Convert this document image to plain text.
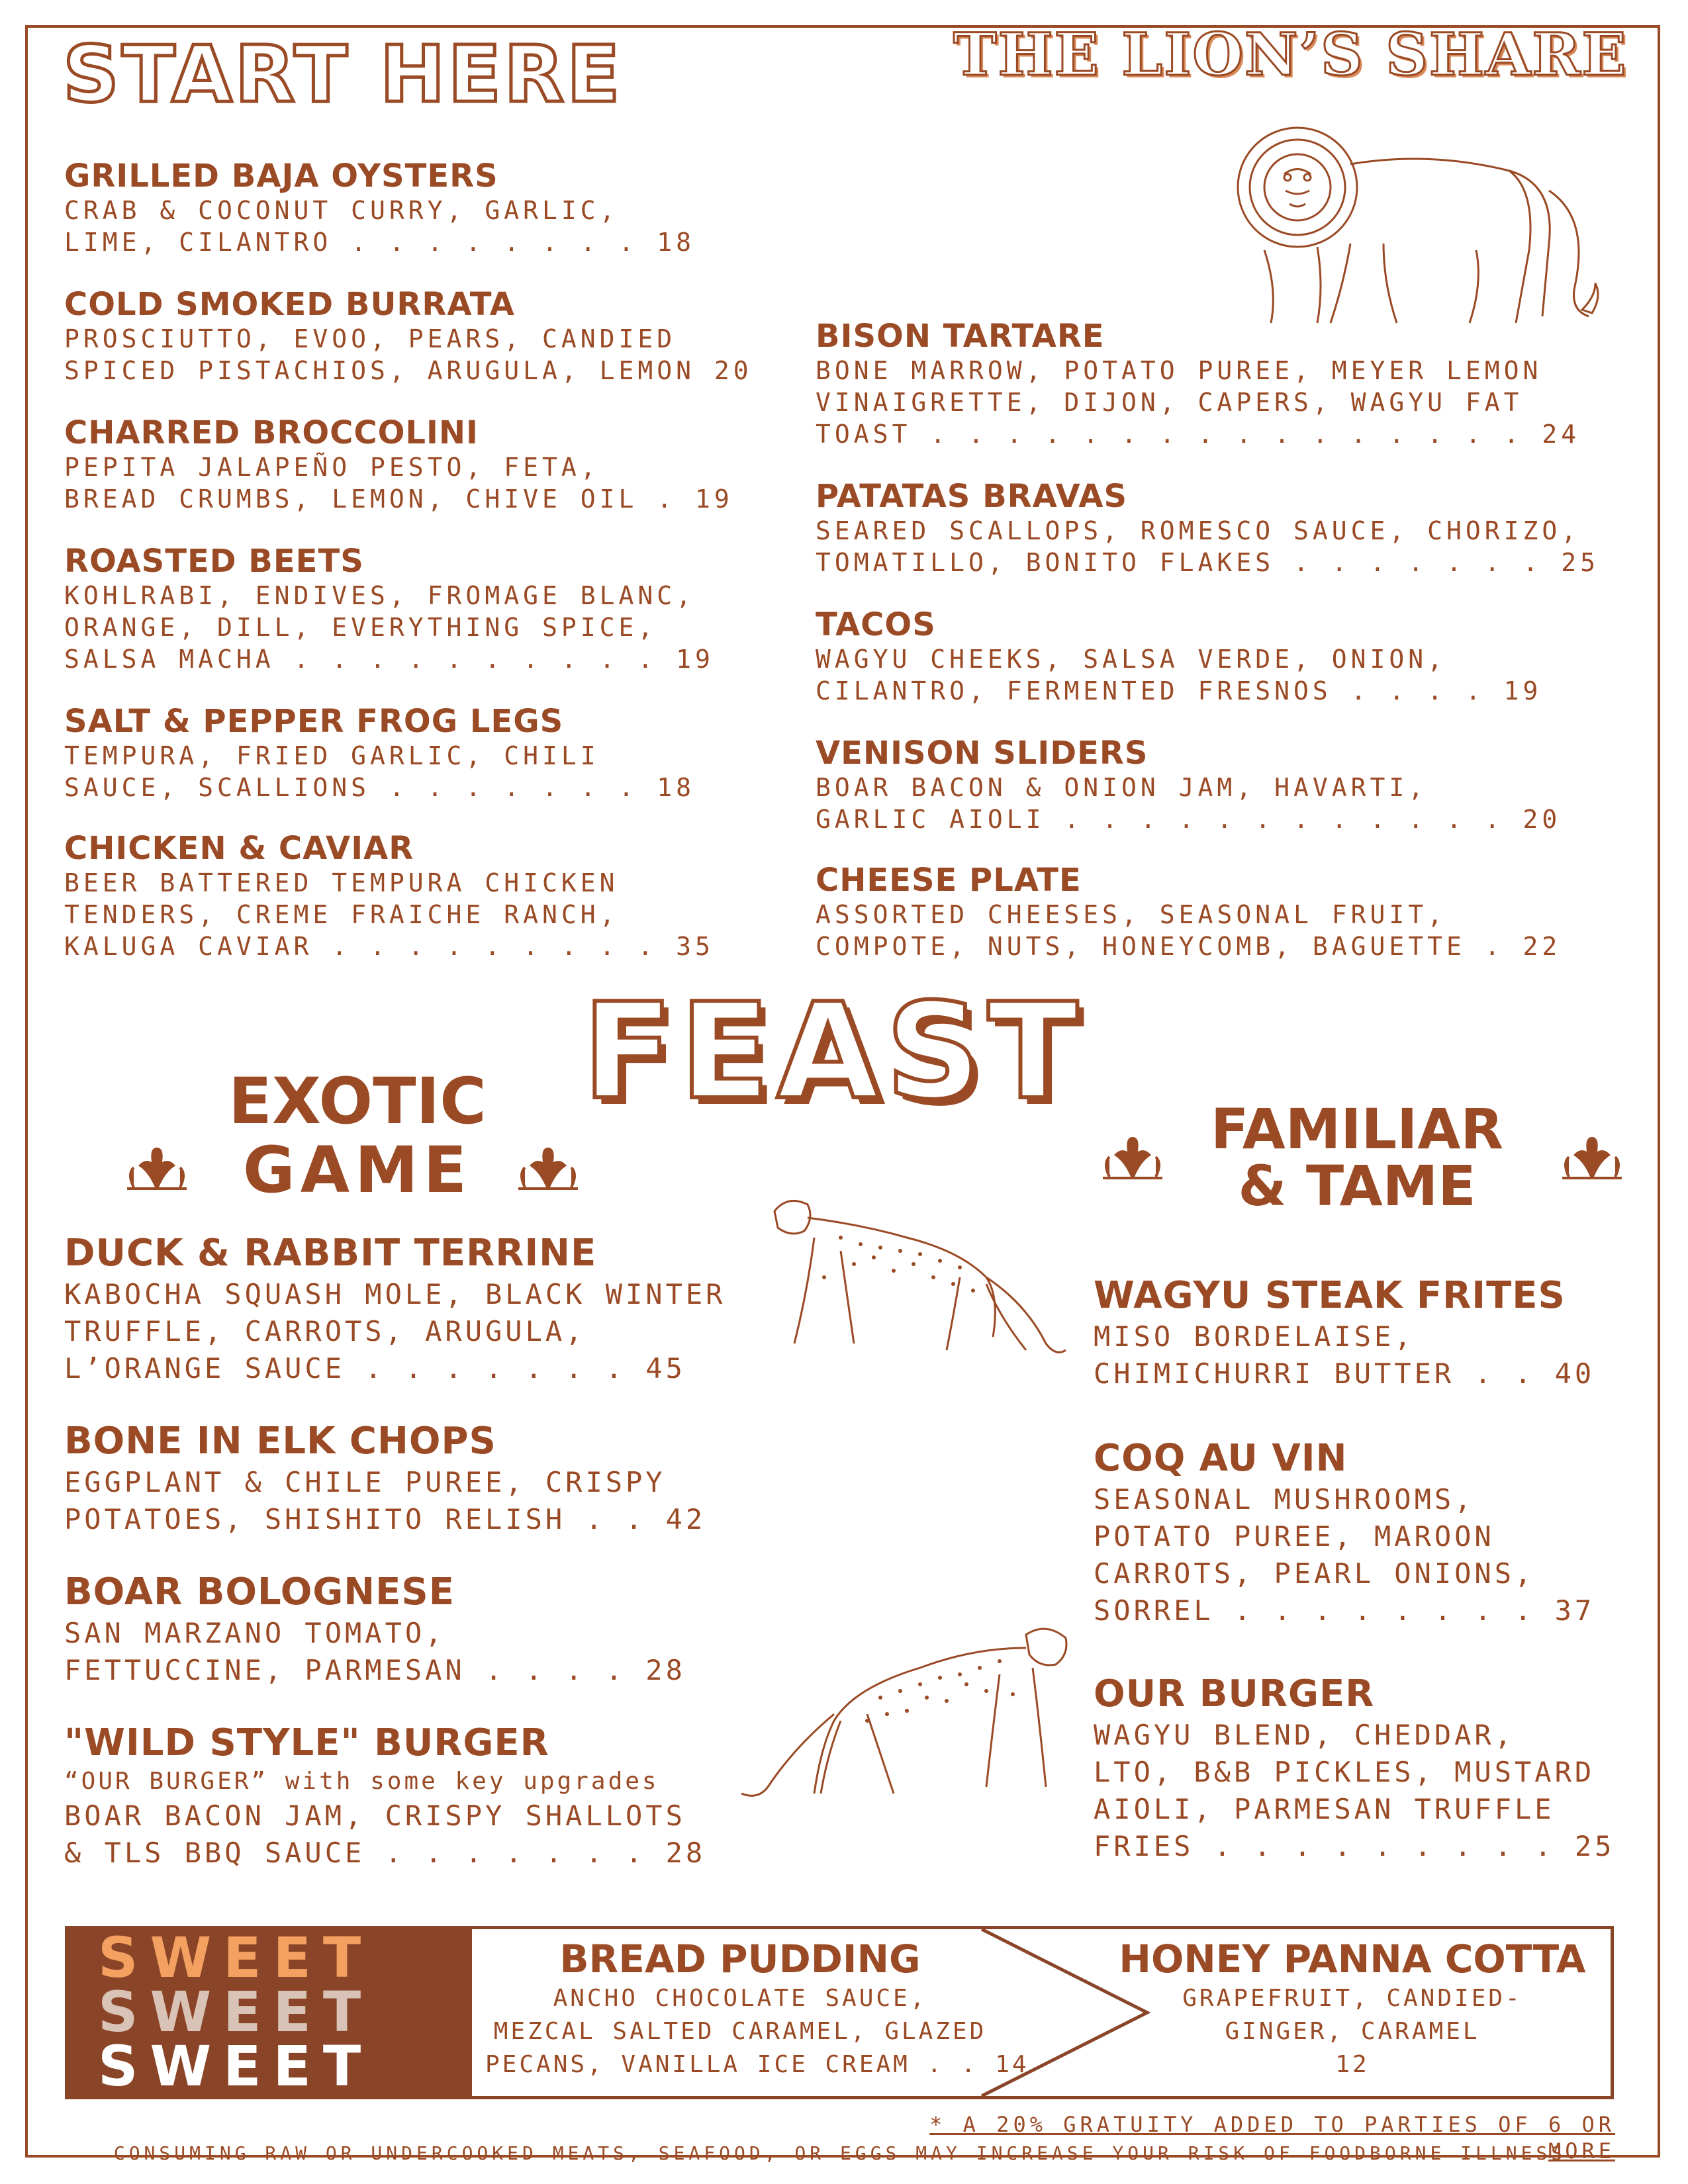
START HERE	THE LION’S SHARE
GRILLED BAJA OYSTERS
CRAB & COCONUT CURRY, GARLIC,
LIME, CILANTRO . . . . . . . . 18
COLD SMOKED BURRATA
PROSCIUTTO, EVOO, PEARS, CANDIED
SPICED PISTACHIOS, ARUGULA, LEMON 20
CHARRED BROCCOLINI
PEPITA JALAPEÑO PESTO, FETA,
BREAD CRUMBS, LEMON, CHIVE OIL . 19
ROASTED BEETS
KOHLRABI, ENDIVES, FROMAGE BLANC,
ORANGE, DILL, EVERYTHING SPICE,
SALSA MACHA . . . . . . . . . . 19
SALT & PEPPER FROG LEGS
TEMPURA, FRIED GARLIC, CHILI
SAUCE, SCALLIONS . . . . . . . 18
CHICKEN & CAVIAR
BEER BATTERED TEMPURA CHICKEN
TENDERS, CREME FRAICHE RANCH,
KALUGA CAVIAR . . . . . . . . . 35
BISON TARTARE
BONE MARROW, POTATO PUREE, MEYER LEMON
VINAIGRETTE, DIJON, CAPERS, WAGYU FAT
TOAST . . . . . . . . . . . . . . . . 24
PATATAS BRAVAS
SEARED SCALLOPS, ROMESCO SAUCE, CHORIZO,
TOMATILLO, BONITO FLAKES . . . . . . . 25
TACOS
WAGYU CHEEKS, SALSA VERDE, ONION,
CILANTRO, FERMENTED FRESNOS . . . . 19
VENISON SLIDERS
BOAR BACON & ONION JAM, HAVARTI,
GARLIC AIOLI . . . . . . . . . . . . 20
CHEESE PLATE
ASSORTED CHEESES, SEASONAL FRUIT,
COMPOTE, NUTS, HONEYCOMB, BAGUETTE . 22
FEAST
EXOTIC
GAME
FAMILIAR
& TAME
DUCK & RABBIT TERRINE
KABOCHA SQUASH MOLE, BLACK WINTER
TRUFFLE, CARROTS, ARUGULA,
L’ORANGE SAUCE . . . . . . . 45
BONE IN ELK CHOPS
EGGPLANT & CHILE PUREE, CRISPY
POTATOES, SHISHITO RELISH . . 42
BOAR BOLOGNESE
SAN MARZANO TOMATO,
FETTUCCINE, PARMESAN . . . . 28
"WILD STYLE" BURGER
“OUR BURGER” with some key upgrades
BOAR BACON JAM, CRISPY SHALLOTS
& TLS BBQ SAUCE . . . . . . . 28
WAGYU STEAK FRITES
MISO BORDELAISE,
CHIMICHURRI BUTTER . . 40
COQ AU VIN
SEASONAL MUSHROOMS,
POTATO PUREE, MAROON
CARROTS, PEARL ONIONS,
SORREL . . . . . . . . 37
OUR BURGER
WAGYU BLEND, CHEDDAR,
LTO, B&B PICKLES, MUSTARD
AIOLI, PARMESAN TRUFFLE
FRIES . . . . . . . . . 25
SWEET
SWEET
SWEET
BREAD PUDDING
ANCHO CHOCOLATE SAUCE,
MEZCAL SALTED CARAMEL, GLAZED
PECANS, VANILLA ICE CREAM . . 14
HONEY PANNA COTTA
GRAPEFRUIT, CANDIED-
GINGER, CARAMEL
12
* A 20% GRATUITY ADDED TO PARTIES OF 6 OR MORE
CONSUMING RAW OR UNDERCOOKED MEATS, SEAFOOD, OR EGGS MAY INCREASE YOUR RISK OF FOODBORNE ILLNESS
